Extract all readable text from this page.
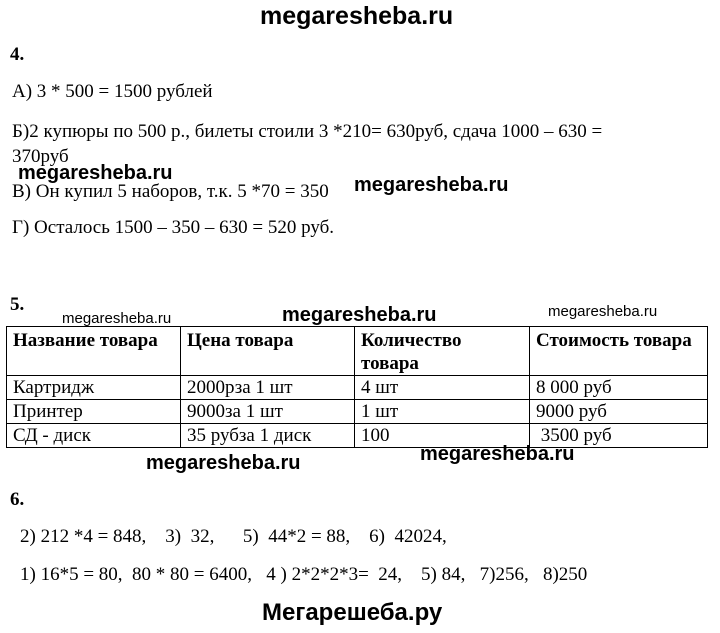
megaresheba.ru
4.
А) 3 * 500 = 1500 рублей
Б)2 купюры по 500 р., билеты стоили 3 *210= 630руб, сдача 1000 – 630 =
370руб
megaresheba.ru
В) Он купил 5 наборов, т.к. 5 *70 = 350 megaresheba.ru
Г) Осталось 1500 – 350 – 630 = 520 руб.
5.
megaresheba.ru	megaresheba.ru	megaresheba.ru
Название товара	Цена товара	Количество товара	Стоимость товара
Картридж	2000рза 1 шт	4 шт	8 000 руб
Принтер	9000за 1 шт	1 шт	9000 руб
СД - диск	35 рубза 1 диск	100	3500 руб
megaresheba.ru	megaresheba.ru
6.
2) 212 *4 = 848,    3)  32,      5)  44*2 = 88,    6)  42024,
1) 16*5 = 80,  80 * 80 = 6400,   4 ) 2*2*2*3=  24,    5) 84,   7)256,   8)250
Мегарешеба.ру
